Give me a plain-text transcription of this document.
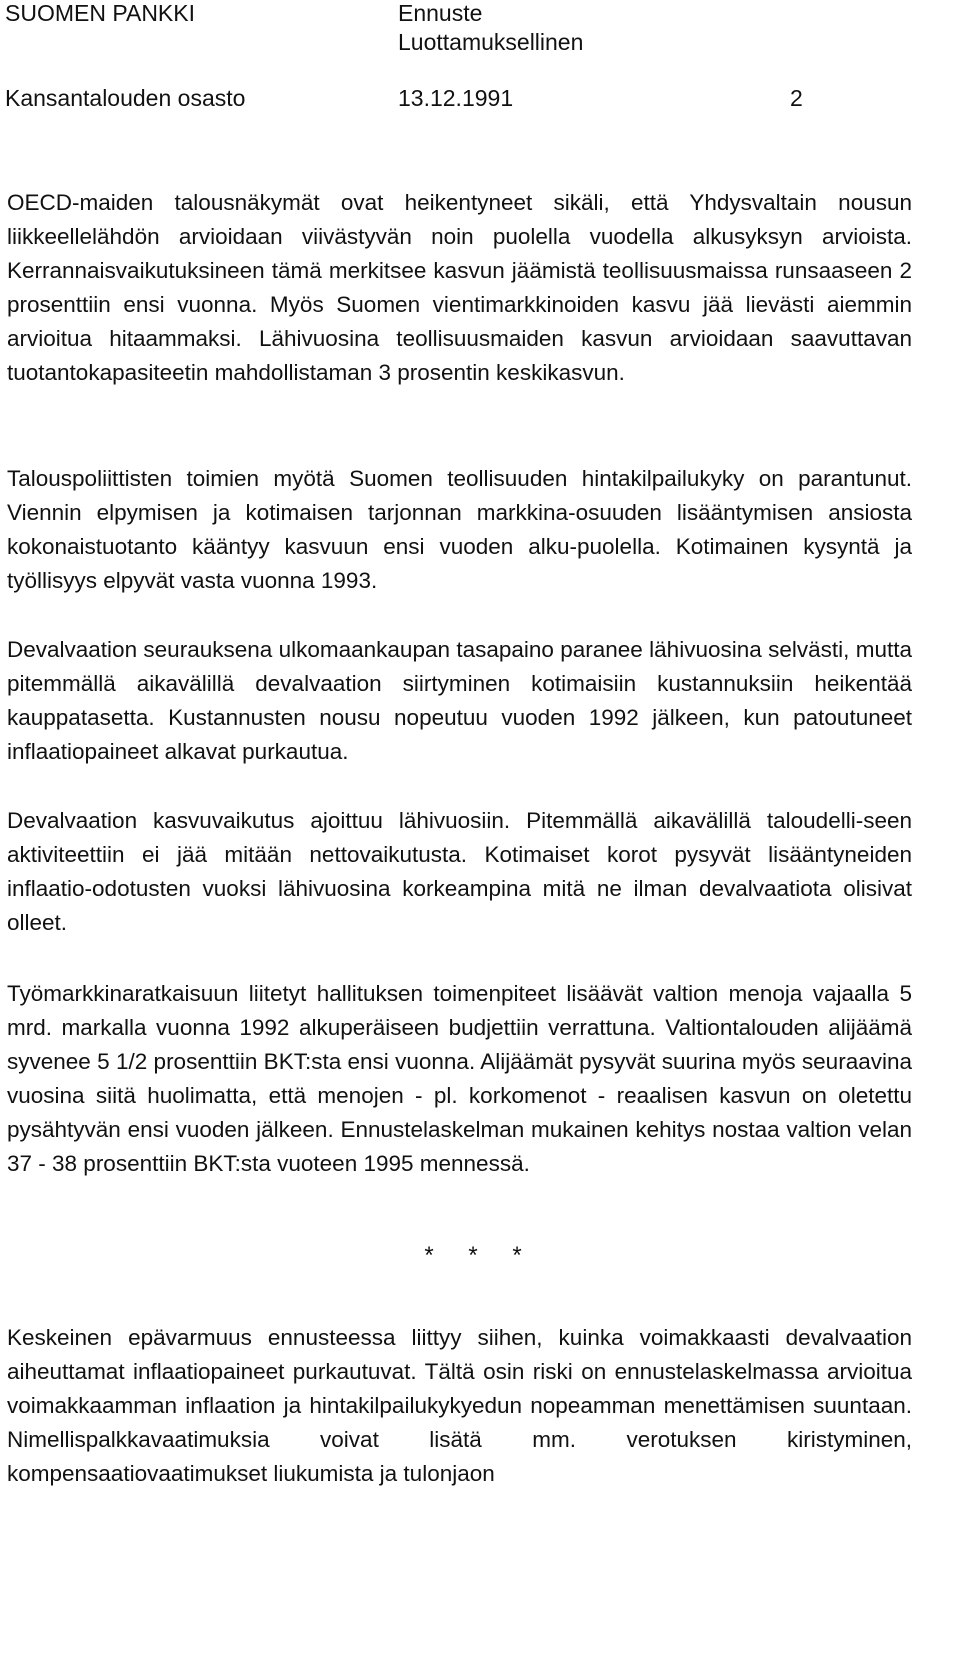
SUOMEN PANKKI	Ennuste
Luottamuksellinen
Kansantalouden osasto	13.12.1991	2

OECD-maiden talousnäkymät ovat heikentyneet sikäli, että Yhdysvaltain nousun liikkeellelähdön arvioidaan viivästyvän noin puolella vuodella alkusyksyn arvioista. Kerrannaisvaikutuksineen tämä merkitsee kasvun jäämistä teollisuusmaissa runsaaseen 2 prosenttiin ensi vuonna. Myös Suomen vientimarkkinoiden kasvu jää lievästi aiemmin arvioitua hitaammaksi. Lähivuosina teollisuusmaiden kasvun arvioidaan saavuttavan tuotantokapasiteetin mahdollistaman 3 prosentin keskikasvun.

Talouspoliittisten toimien myötä Suomen teollisuuden hintakilpailukyky on parantunut. Viennin elpymisen ja kotimaisen tarjonnan markkina-osuuden lisääntymisen ansiosta kokonaistuotanto kääntyy kasvuun ensi vuoden alku-puolella. Kotimainen kysyntä ja työllisyys elpyvät vasta vuonna 1993.

Devalvaation seurauksena ulkomaankaupan tasapaino paranee lähivuosina selvästi, mutta pitemmällä aikavälillä devalvaation siirtyminen kotimaisiin kustannuksiin heikentää kauppatasetta. Kustannusten nousu nopeutuu vuoden 1992 jälkeen, kun patoutuneet inflaatiopaineet alkavat purkautua.

Devalvaation kasvuvaikutus ajoittuu lähivuosiin. Pitemmällä aikavälillä taloudelli-seen aktiviteettiin ei jää mitään nettovaikutusta. Kotimaiset korot pysyvät lisääntyneiden inflaatio-odotusten vuoksi lähivuosina korkeampina mitä ne ilman devalvaatiota olisivat olleet.

Työmarkkinaratkaisuun liitetyt hallituksen toimenpiteet lisäävät valtion menoja vajaalla 5 mrd. markalla vuonna 1992 alkuperäiseen budjettiin verrattuna. Valtiontalouden alijäämä syvenee 5 1/2 prosenttiin BKT:sta ensi vuonna. Alijäämät pysyvät suurina myös seuraavina vuosina siitä huolimatta, että menojen - pl. korkomenot - reaalisen kasvun on oletettu pysähtyvän ensi vuoden jälkeen. Ennustelaskelman mukainen kehitys nostaa valtion velan 37 - 38 prosenttiin BKT:sta vuoteen 1995 mennessä.

* * *

Keskeinen epävarmuus ennusteessa liittyy siihen, kuinka voimakkaasti devalvaation aiheuttamat inflaatiopaineet purkautuvat. Tältä osin riski on ennustelaskelmassa arvioitua voimakkaamman inflaation ja hintakilpailukykyedun nopeamman menettämisen suuntaan. Nimellispalkkavaatimuksia voivat lisätä mm. verotuksen kiristyminen, kompensaatiovaatimukset liukumista ja tulonjaon
